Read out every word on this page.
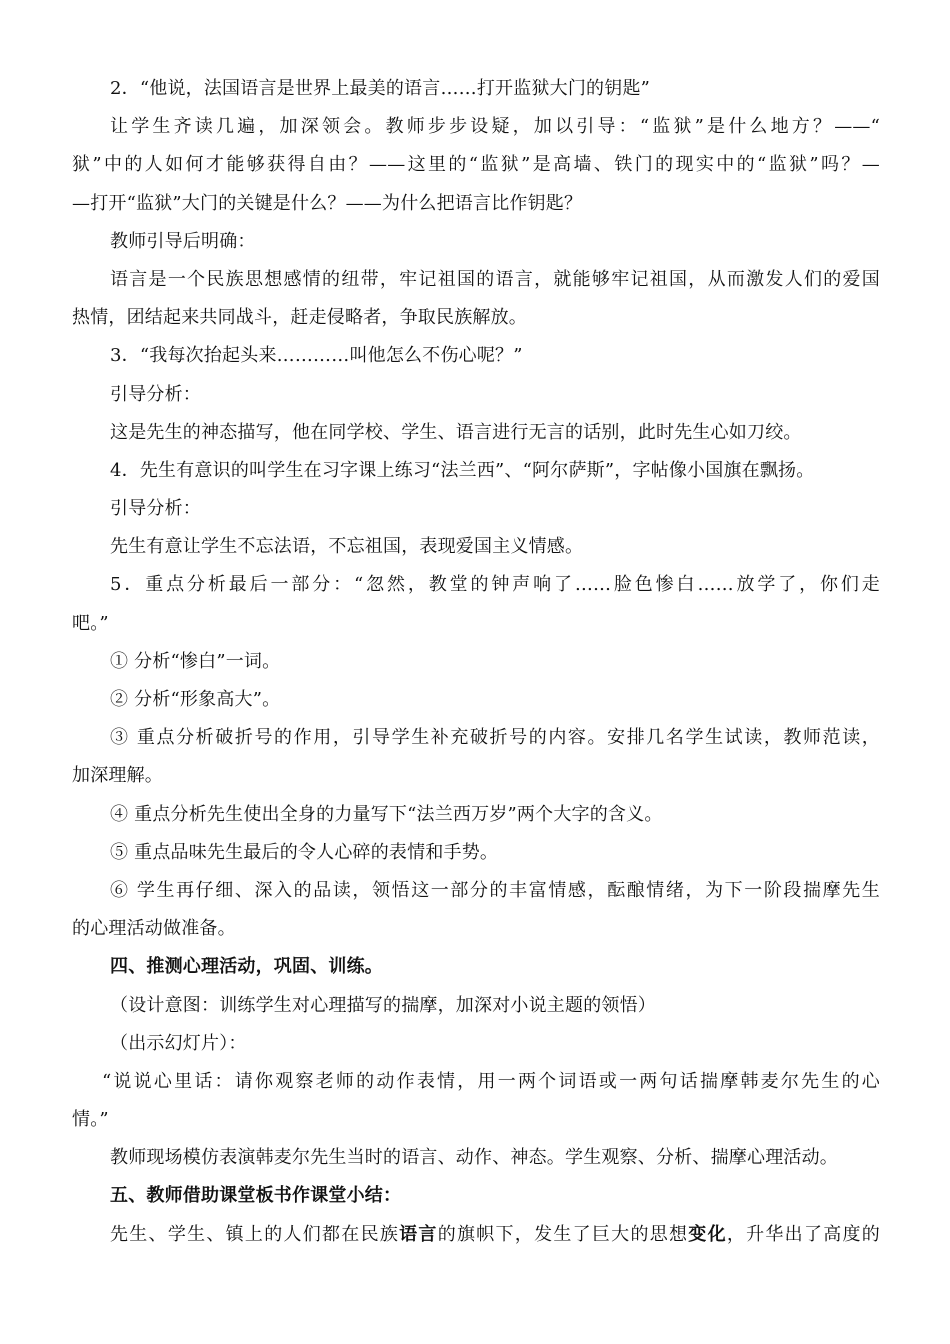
2．“他说，法国语言是世界上最美的语言……打开监狱大门的钥匙”
让学生齐读几遍，加深领会。教师步步设疑，加以引导：“监狱”是什么地方？——“
狱”中的人如何才能够获得自由？——这里的“监狱”是高墙、铁门的现实中的“监狱”吗？—
—打开“监狱”大门的关键是什么？——为什么把语言比作钥匙？
教师引导后明确：
语言是一个民族思想感情的纽带，牢记祖国的语言，就能够牢记祖国，从而激发人们的爱国
热情，团结起来共同战斗，赶走侵略者，争取民族解放。
3．“我每次抬起头来…………叫他怎么不伤心呢？”
引导分析：
这是先生的神态描写，他在同学校、学生、语言进行无言的话别，此时先生心如刀绞。
4．先生有意识的叫学生在习字课上练习“法兰西”、“阿尔萨斯”，字帖像小国旗在飘扬。
引导分析：
先生有意让学生不忘法语，不忘祖国，表现爱国主义情感。
5．重点分析最后一部分：“忽然，教堂的钟声响了……脸色惨白……放学了，你们走
吧。”
① 分析“惨白”一词。
② 分析“形象高大”。
③ 重点分析破折号的作用，引导学生补充破折号的内容。安排几名学生试读，教师范读，
加深理解。
④ 重点分析先生使出全身的力量写下“法兰西万岁”两个大字的含义。
⑤ 重点品味先生最后的令人心碎的表情和手势。
⑥ 学生再仔细、深入的品读，领悟这一部分的丰富情感，酝酿情绪，为下一阶段揣摩先生
的心理活动做准备。
四、推测心理活动，巩固、训练。
（设计意图：训练学生对心理描写的揣摩，加深对小说主题的领悟）
（出示幻灯片）：
“说说心里话：请你观察老师的动作表情，用一两个词语或一两句话揣摩韩麦尔先生的心
情。”
教师现场模仿表演韩麦尔先生当时的语言、动作、神态。学生观察、分析、揣摩心理活动。
五、教师借助课堂板书作课堂小结：
先生、学生、镇上的人们都在民族语言的旗帜下，发生了巨大的思想变化，升华出了高度的
